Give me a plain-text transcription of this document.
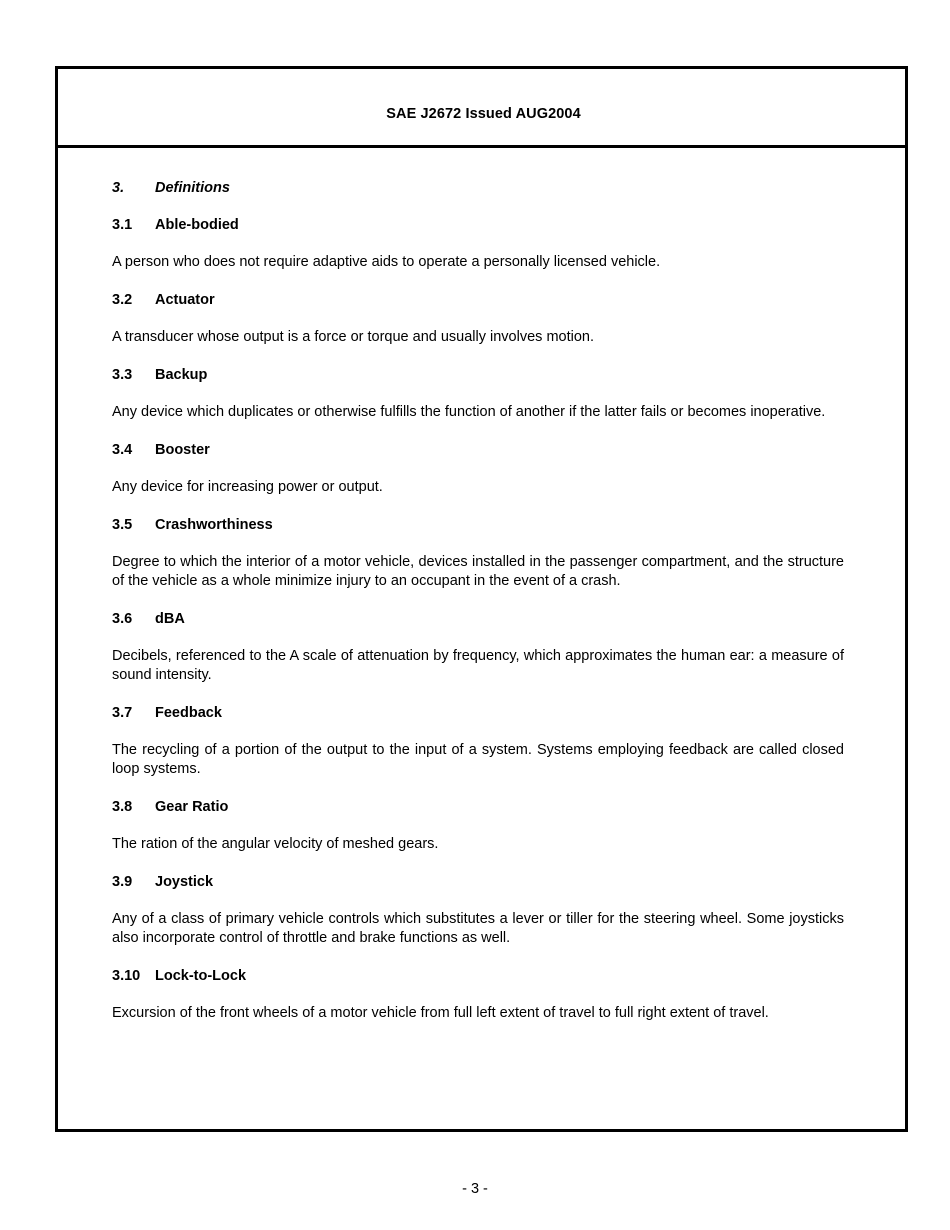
SAE J2672 Issued AUG2004
3.	Definitions
3.1	Able-bodied
A person who does not require adaptive aids to operate a personally licensed vehicle.
3.2	Actuator
A transducer whose output is a force or torque and usually involves motion.
3.3	Backup
Any device which duplicates or otherwise fulfills the function of another if the latter fails or becomes inoperative.
3.4	Booster
Any device for increasing power or output.
3.5	Crashworthiness
Degree to which the interior of a motor vehicle, devices installed in the passenger compartment, and the structure of the vehicle as a whole minimize injury to an occupant in the event of a crash.
3.6	dBA
Decibels, referenced to the A scale of attenuation by frequency, which approximates the human ear: a measure of sound intensity.
3.7	Feedback
The recycling of a portion of the output to the input of a system. Systems employing feedback are called closed loop systems.
3.8	Gear Ratio
The ration of the angular velocity of meshed gears.
3.9	Joystick
Any of a class of primary vehicle controls which substitutes a lever or tiller for the steering wheel. Some joysticks also incorporate control of throttle and brake functions as well.
3.10	Lock-to-Lock
Excursion of the front wheels of a motor vehicle from full left extent of travel to full right extent of travel.
- 3 -
